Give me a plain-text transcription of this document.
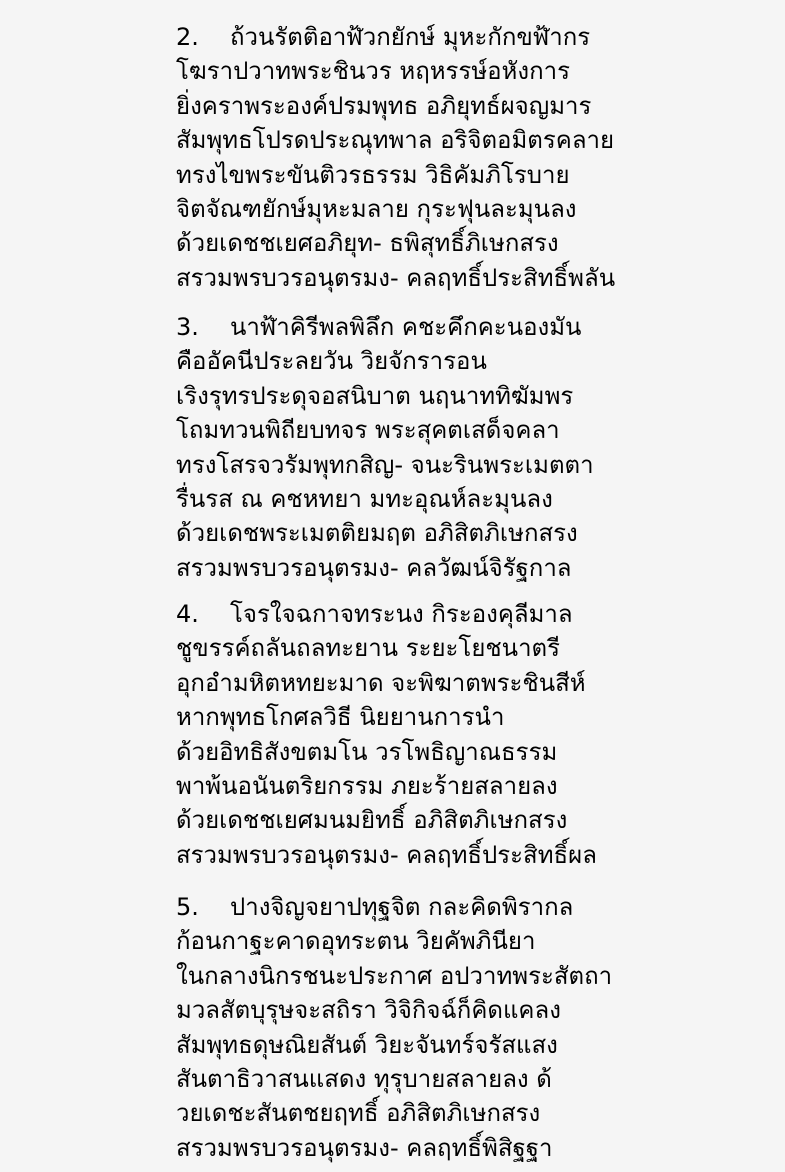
2. ถ้วนรัตติอาฬ้วกยักษ์ มุหะกักขฬ้ากร
โฆราปวาทพระชินวร หฤหรรษ์อหังการ
ยิ่งคราพระองค์ปรมพุทธ อภิยุทธ์ผจญมาร
สัมพุทธโปรดประณุทพาล อริจิตอมิตรคลาย
ทรงไขพระขันติวรธรรม วิธิคัมภิโรบาย
จิตจัณฑยักษ์มุหะมลาย กุระฟุนละมุนลง
ด้วยเดชชเยศอภิยุท- ธพิสุทธิ์ภิเษกสรง
สรวมพรบวรอนุตรมง- คลฤทธิ์ประสิทธิ์พลัน
3. นาฬ้าคิรีพลพิลึก คชะคึกคะนองมัน
คืออัคนีประลยวัน วิยจักรารอน
เริงรุทรประดุจอสนิบาต นฤนาททิฆัมพร
โถมทวนพิถียบทจร พระสุคตเสด็จคลา
ทรงโสรจวรัมพุทกสิญ- จนะรินพระเมตตา
รื่นรส ณ คชหทยา มทะอุณห์ละมุนลง
ด้วยเดชพระเมตติยมฤต อภิสิตภิเษกสรง
สรวมพรบวรอนุตรมง- คลวัฒน์จิรัฐกาล
4. โจรใจฉกาจทระนง กิระองคุลีมาล
ชูขรรค์ถลันถลทะยาน ระยะโยชนาตรี
อุกอำมหิตหทยะมาด จะพิฆาตพระชินสีห์
หากพุทธโกศลวิธี นิยยานการนำ
ด้วยอิทธิสังขตมโน วรโพธิญาณธรรม
พาพ้นอนันตริยกรรม ภยะร้ายสลายลง
ด้วยเดชชเยศมนมยิทธิ์ อภิสิตภิเษกสรง
สรวมพรบวรอนุตรมง- คลฤทธิ์ประสิทธิ์ผล
5. ปางจิญจยาปทุฐจิต กละคิดพิรากล
ก้อนกาฐะคาดอุทระตน วิยคัพภินียา
ในกลางนิกรชนะประกาศ อปวาทพระสัตถา
มวลสัตบุรุษจะสถิรา วิจิกิจฉ์ก็คิดแคลง
สัมพุทธดุษณิยสันต์ วิยะจันทร์จรัสแสง
สันตาธิวาสนแสดง ทุรุบายสลายลง ด้
วยเดชะสันตชยฤทธิ์ อภิสิตภิเษกสรง
สรวมพรบวรอนุตรมง- คลฤทธิ์พิสิฐฐา
